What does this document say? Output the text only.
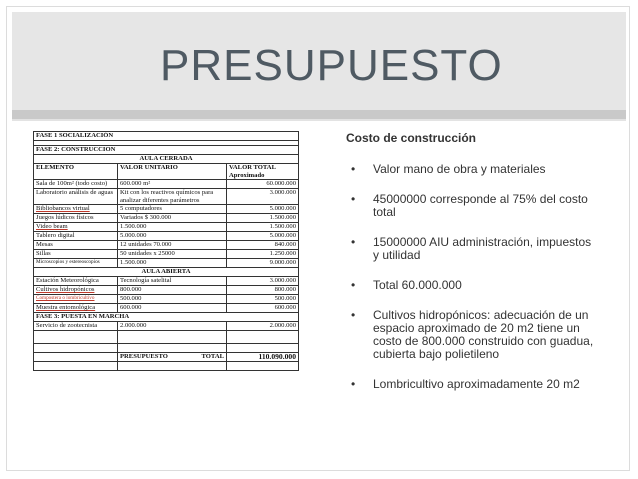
PRESUPUESTO
FASE 1 SOCIALIZACIÓN		

FASE 2: CONSTRUCCION		
AULA CERRADA		
ELEMENTO	VALOR UNITARIO	VALOR TOTAL Aproximado
Sala de 100m² (todo costo)	600.000 m²	60.000.000
Laboratorio análisis de aguas	Kit con los reactivos químicos para analizar diferentes parámetros	3.000.000
Bibliobancos virtual	5 computadores	5.000.000
Juegos lúdicos físicos	Variados $ 300.000	1.500.000
Video beam	1.500.000	1.500.000
Tablero digital	5.000.000	5.000.000
Mesas	12 unidades 70.000	840.000
Sillas	50 unidades x 25000	1.250.000
Microscopios y estereoscopios	1.500.000	9.000.000
AULA ABIERTA		
Estación Meteorológica	Tecnología satelital	3.000.000
Cultivos hidropónicos	800.000	800.000
Compostera o lombricultivo	500.000	500.000
Muestra entomológica	600.000	600.000
FASE 3: PUESTA EN MARCHA		
Servicio de zootecnista	2.000.000	2.000.000

	PRESUPUESTO TOTAL	110.090.000

Costo de construcción
• Valor mano de obra y materiales
• 45000000 corresponde al 75% del costo total
• 15000000 AIU administración, impuestos y utilidad
• Total 60.000.000
• Cultivos hidropónicos: adecuación de un espacio aproximado de 20 m2 tiene un costo de 800.000 construido con guadua, cubierta bajo polietileno
• Lombricultivo aproximadamente 20 m2
